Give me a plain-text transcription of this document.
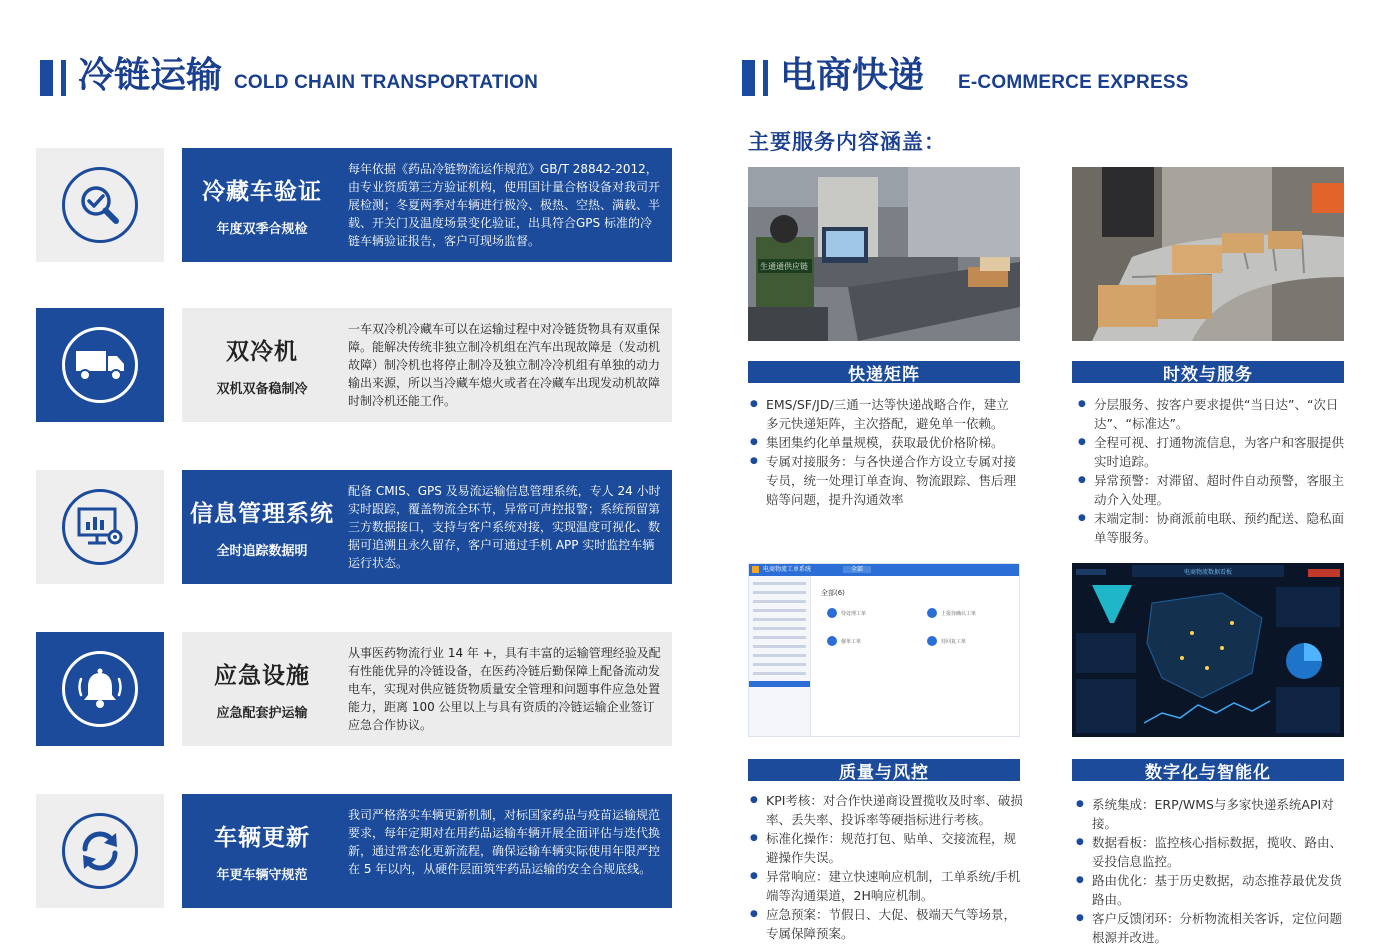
冷链运输 COLD CHAIN TRANSPORTATION
冷藏车验证
年度双季合规检
每年依据《药品冷链物流运作规范》GB/T 28842-2012，由专业资质第三方验证机构，使用国计量合格设备对我司开展检测；冬夏两季对车辆进行极冷、极热、空热、满载、半载、开关门及温度场景变化验证，出具符合GPS 标准的冷链车辆验证报告，客户可现场监督。
双冷机
双机双备稳制冷
一车双冷机冷藏车可以在运输过程中对冷链货物具有双重保障。能解决传统非独立制冷机组在汽车出现故障是（发动机故障）制冷机也将停止制冷及独立制冷冷机组有单独的动力输出来源，所以当冷藏车熄火或者在冷藏车出现发动机故障时制冷机还能工作。
信息管理系统
全时追踪数据明
配备 CMIS、GPS 及易流运输信息管理系统，专人 24 小时实时跟踪，覆盖物流全环节，异常可声控报警；系统预留第三方数据接口，支持与客户系统对接，实现温度可视化、数据可追溯且永久留存，客户可通过手机 APP 实时监控车辆运行状态。
应急设施
应急配套护运输
从事医药物流行业 14 年 +，具有丰富的运输管理经验及配有性能优异的冷链设备，在医药冷链后勤保障上配备流动发电车，实现对供应链货物质量安全管理和问题事件应急处置能力，距离 100 公里以上与具有资质的冷链运输企业签订应急合作协议。
车辆更新
年更车辆守规范
我司严格落实车辆更新机制，对标国家药品与疫苗运输规范要求，每年定期对在用药品运输车辆开展全面评估与迭代换新，通过常态化更新流程，确保运输车辆实际使用年限严控在 5 年以内，从硬件层面筑牢药品运输的安全合规底线。
电商快递 E-COMMERCE EXPRESS
主要服务内容涵盖：
生通通供应链
快递矩阵
● EMS/SF/JD/三通一达等快递战略合作，建立多元快递矩阵，主次搭配，避免单一依赖。
● 集团集约化单量规模，获取最优价格阶梯。
● 专属对接服务：与各快递合作方设立专属对接专员，统一处理订单查询、物流跟踪、售后理赔等问题，提升沟通效率
时效与服务
● 分层服务、按客户要求提供“当日达”、“次日达”、“标准达”。
● 全程可视、打通物流信息，为客户和客服提供实时追踪。
● 异常预警：对滞留、超时件自动预警，客服主动介入处理。
● 末端定制：协商派前电联、预约配送、隐私面单等服务。
电商物流工单系统	全部
全部(6)
待处理工单	上报待确认工单
催单工单	待回复工单
电商物流数据看板
质量与风控
● KPI考核：对合作快递商设置揽收及时率、破损率、丢失率、投诉率等硬指标进行考核。
● 标准化操作：规范打包、贴单、交接流程，规避操作失误。
● 异常响应：建立快速响应机制，工单系统/手机端等沟通渠道，2H响应机制。
● 应急预案：节假日、大促、极端天气等场景，专属保障预案。
数字化与智能化
● 系统集成：ERP/WMS与多家快递系统API对接。
● 数据看板：监控核心指标数据，揽收、路由、妥投信息监控。
● 路由优化：基于历史数据，动态推荐最优发货路由。
● 客户反馈闭环：分析物流相关客诉，定位问题根源并改进。
